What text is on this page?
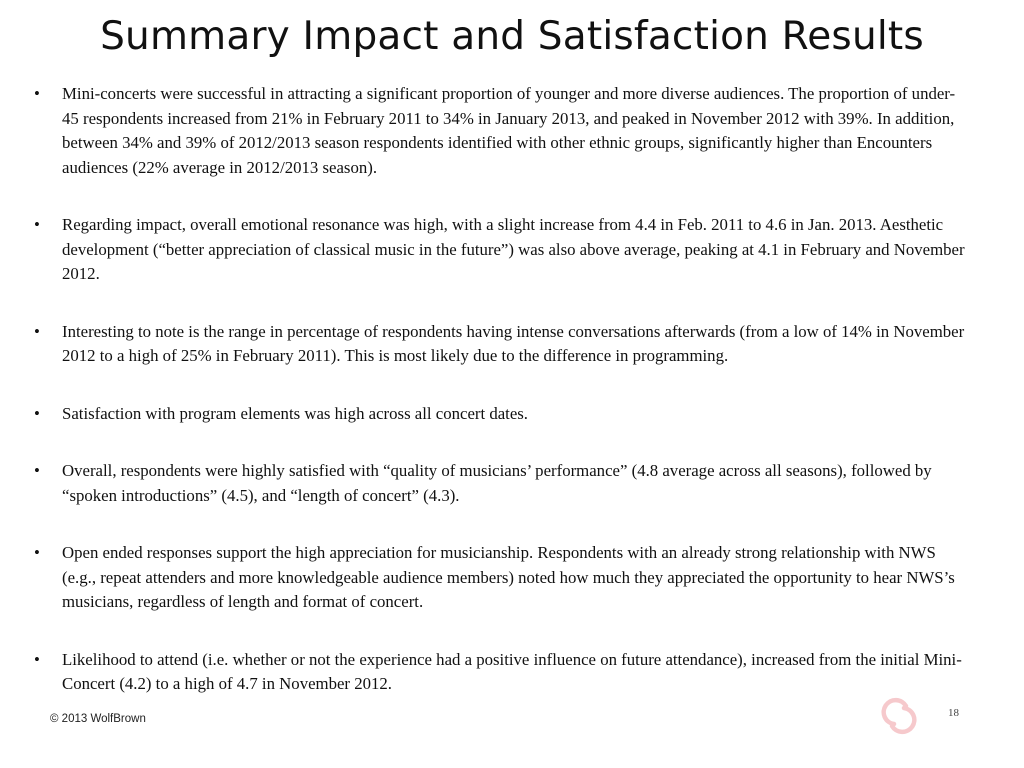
Summary Impact and Satisfaction Results
•	Mini-concerts were successful in attracting a significant proportion of younger and more diverse audiences. The proportion of under-45 respondents increased from 21% in February 2011 to 34% in January 2013, and peaked in November 2012 with 39%. In addition, between 34% and 39% of 2012/2013 season respondents identified with other ethnic groups, significantly higher than Encounters audiences (22% average in 2012/2013 season).
•	Regarding impact, overall emotional resonance was high, with a slight increase from 4.4 in Feb. 2011 to 4.6 in Jan. 2013. Aesthetic development (“better appreciation of classical music in the future”) was also above average, peaking at 4.1 in February and November 2012.
•	Interesting to note is the range in percentage of respondents having intense conversations afterwards (from a low of 14% in November 2012 to a high of 25% in February 2011). This is most likely due to the difference in programming.
•	Satisfaction with program elements was high across all concert dates.
•	Overall, respondents were highly satisfied with “quality of musicians’ performance” (4.8 average across all seasons), followed by “spoken introductions” (4.5), and “length of concert” (4.3).
•	Open ended responses support the high appreciation for musicianship. Respondents with an already strong relationship with NWS (e.g., repeat attenders and more knowledgeable audience members) noted how much they appreciated the opportunity to hear NWS’s musicians, regardless of length and format of concert.
•	Likelihood to attend (i.e. whether or not the experience had a positive influence on future attendance), increased from the initial Mini-Concert (4.2) to a high of 4.7 in November 2012.
© 2013 WolfBrown	18
